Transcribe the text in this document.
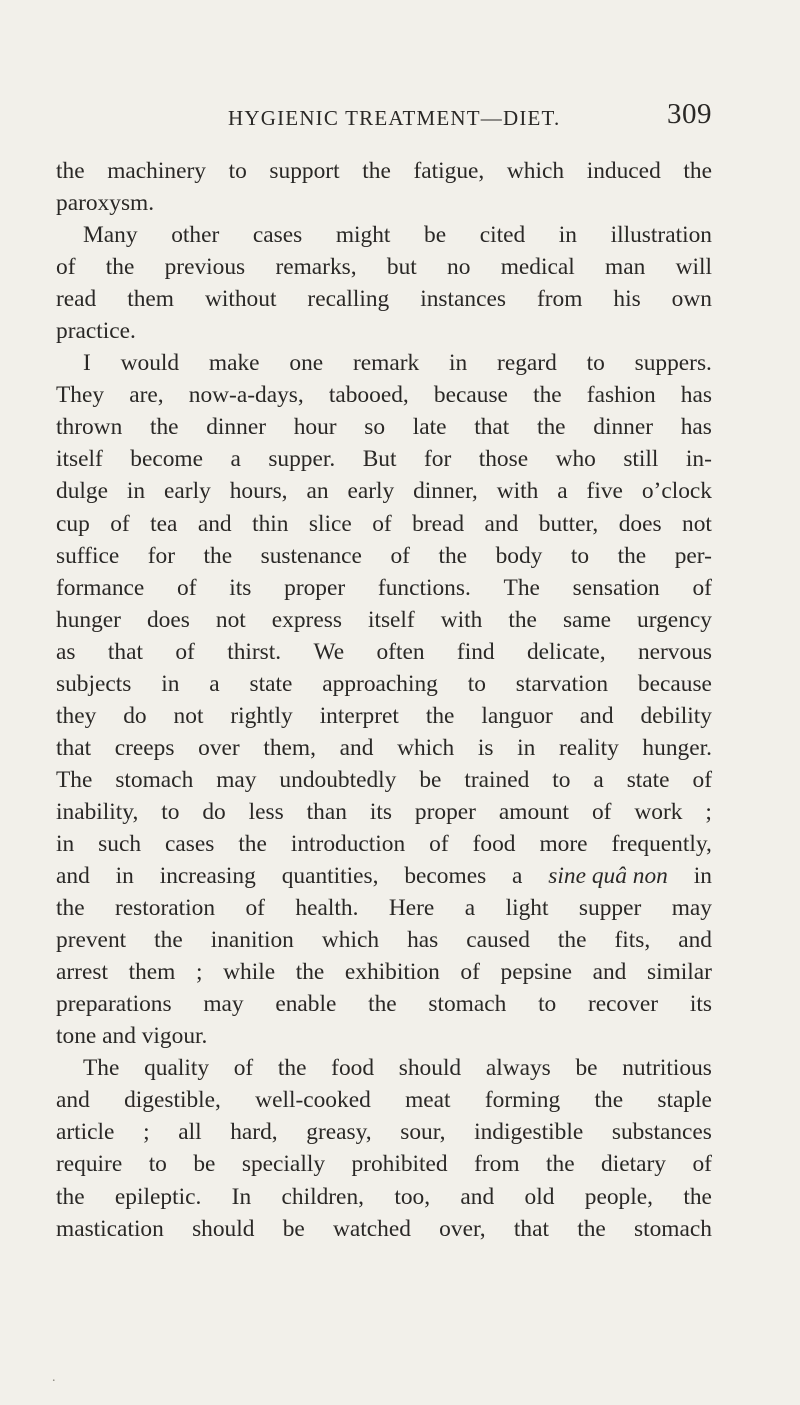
HYGIENIC TREATMENT—DIET.	309
the machinery to support the fatigue, which induced the
paroxysm.
Many other cases might be cited in illustration
of the previous remarks, but no medical man will
read them without recalling instances from his own
practice.
I would make one remark in regard to suppers.
They are, now-a-days, tabooed, because the fashion has
thrown the dinner hour so late that the dinner has
itself become a supper. But for those who still in-
dulge in early hours, an early dinner, with a five o’clock
cup of tea and thin slice of bread and butter, does not
suffice for the sustenance of the body to the per-
formance of its proper functions. The sensation of
hunger does not express itself with the same urgency
as that of thirst. We often find delicate, nervous
subjects in a state approaching to starvation because
they do not rightly interpret the languor and debility
that creeps over them, and which is in reality hunger.
The stomach may undoubtedly be trained to a state of
inability, to do less than its proper amount of work ;
in such cases the introduction of food more frequently,
and in increasing quantities, becomes a sine quâ non in
the restoration of health. Here a light supper may
prevent the inanition which has caused the fits, and
arrest them ; while the exhibition of pepsine and similar
preparations may enable the stomach to recover its
tone and vigour.
The quality of the food should always be nutritious
and digestible, well-cooked meat forming the staple
article ; all hard, greasy, sour, indigestible substances
require to be specially prohibited from the dietary of
the epileptic. In children, too, and old people, the
mastication should be watched over, that the stomach
.
